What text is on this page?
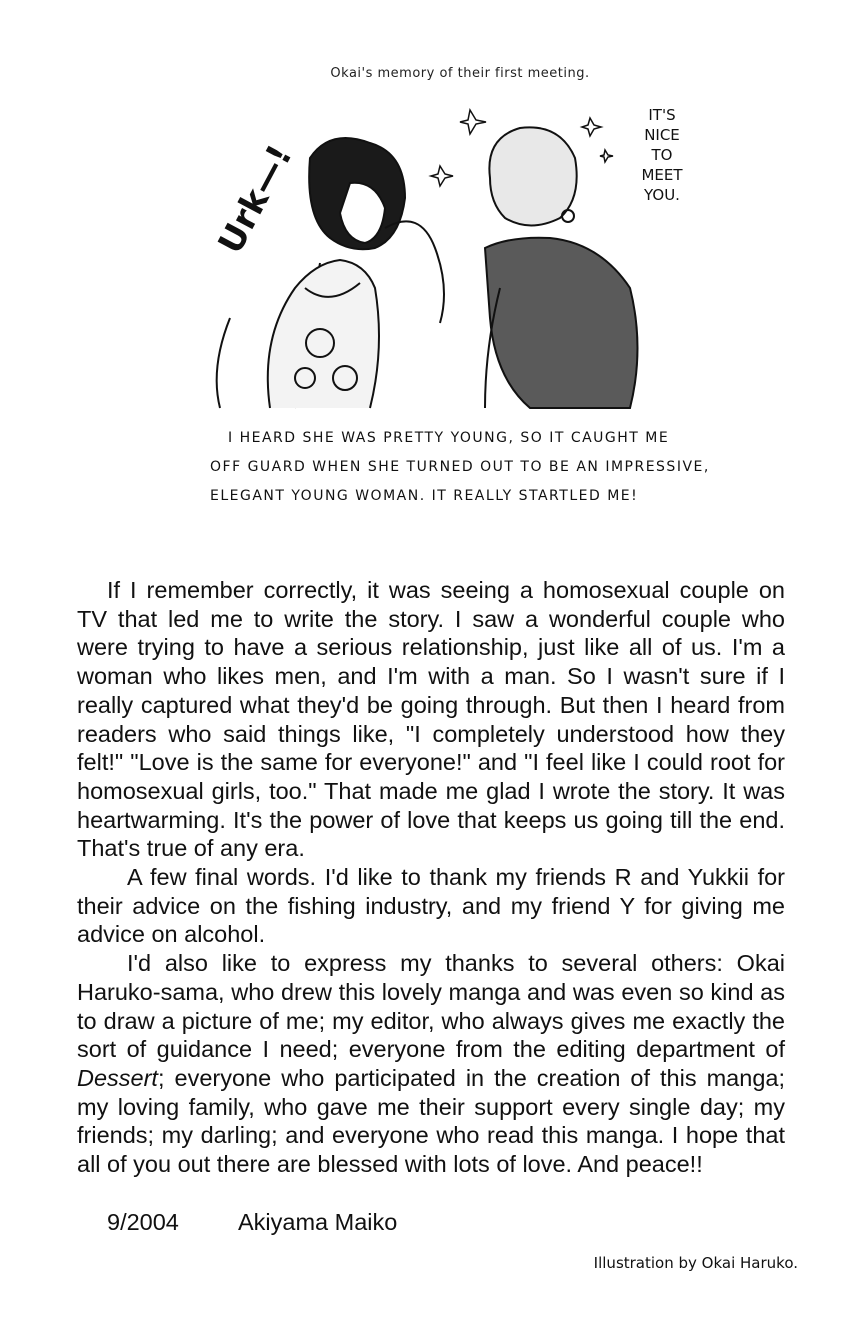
Okai's memory of their first meeting.
Urk—!
IT'S
NICE
TO
MEET
YOU.
I HEARD SHE WAS PRETTY YOUNG, SO IT CAUGHT ME
OFF GUARD WHEN SHE TURNED OUT TO BE AN IMPRESSIVE,
ELEGANT YOUNG WOMAN. IT REALLY STARTLED ME!

If I remember correctly, it was seeing a homosexual couple on TV that led me to write the story. I saw a wonderful couple who were trying to have a serious relationship, just like all of us. I'm a woman who likes men, and I'm with a man. So I wasn't sure if I really captured what they'd be going through. But then I heard from readers who said things like, "I completely understood how they felt!" "Love is the same for everyone!" and "I feel like I could root for homosexual girls, too." That made me glad I wrote the story. It was heartwarming. It's the power of love that keeps us going till the end. That's true of any era.

A few final words. I'd like to thank my friends R and Yukkii for their advice on the fishing industry, and my friend Y for giving me advice on alcohol.

I'd also like to express my thanks to several others: Okai Haruko-sama, who drew this lovely manga and was even so kind as to draw a picture of me; my editor, who always gives me exactly the sort of guidance I need; everyone from the editing department of Dessert; everyone who participated in the creation of this manga; my loving family, who gave me their support every single day; my friends; my darling; and everyone who read this manga. I hope that all of you out there are blessed with lots of love. And peace!!

9/2004	Akiyama Maiko
Illustration by Okai Haruko.
